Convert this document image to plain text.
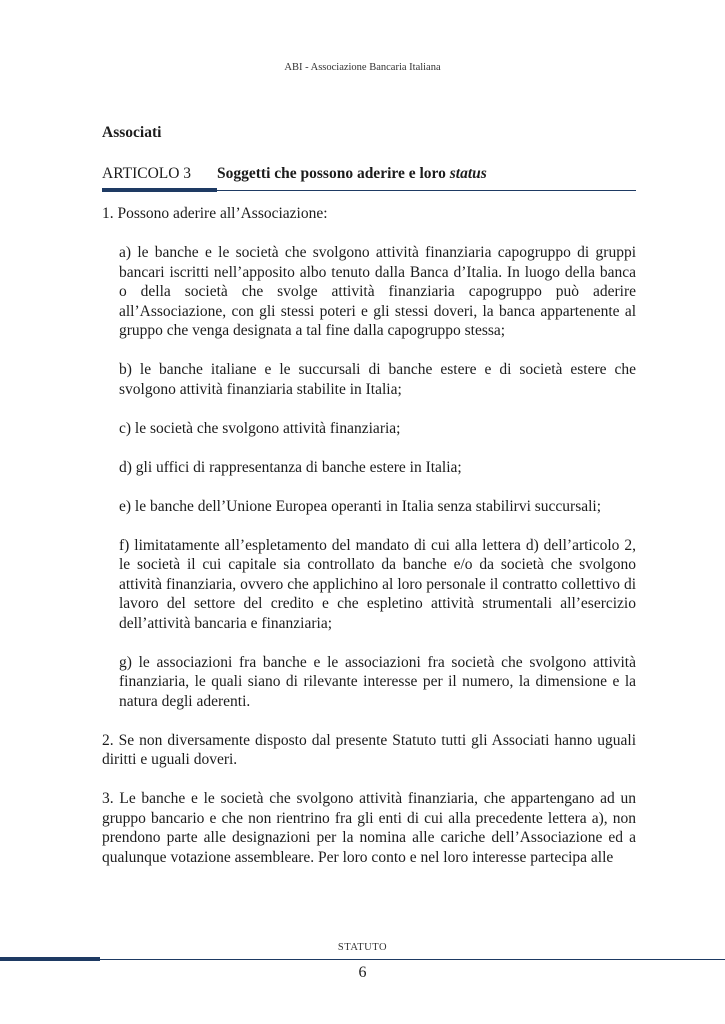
ABI - Associazione Bancaria Italiana
Associati
ARTICOLO 3 Soggetti che possono aderire e loro status

1. Possono aderire all’Associazione:

a) le banche e le società che svolgono attività finanziaria capogruppo di gruppi bancari iscritti nell’apposito albo tenuto dalla Banca d’Italia. In luogo della banca o della società che svolge attività finanziaria capogruppo può aderire all’Associazione, con gli stessi poteri e gli stessi doveri, la banca appartenente al gruppo che venga designata a tal fine dalla capogruppo stessa;

b) le banche italiane e le succursali di banche estere e di società estere che svolgono attività finanziaria stabilite in Italia;

c) le società che svolgono attività finanziaria;

d) gli uffici di rappresentanza di banche estere in Italia;

e) le banche dell’Unione Europea operanti in Italia senza stabilirvi succursali;

f) limitatamente all’espletamento del mandato di cui alla lettera d) dell’articolo 2, le società il cui capitale sia controllato da banche e/o da società che svolgono attività finanziaria, ovvero che applichino al loro personale il contratto collettivo di lavoro del settore del credito e che espletino attività strumentali all’esercizio dell’attività bancaria e finanziaria;

g) le associazioni fra banche e le associazioni fra società che svolgono attività finanziaria, le quali siano di rilevante interesse per il numero, la dimensione e la natura degli aderenti.

2. Se non diversamente disposto dal presente Statuto tutti gli Associati hanno uguali diritti e uguali doveri.

3. Le banche e le società che svolgono attività finanziaria, che appartengano ad un gruppo bancario e che non rientrino fra gli enti di cui alla precedente lettera a), non prendono parte alle designazioni per la nomina alle cariche dell’Associazione ed a qualunque votazione assembleare. Per loro conto e nel loro interesse partecipa alle

STATUTO
6
